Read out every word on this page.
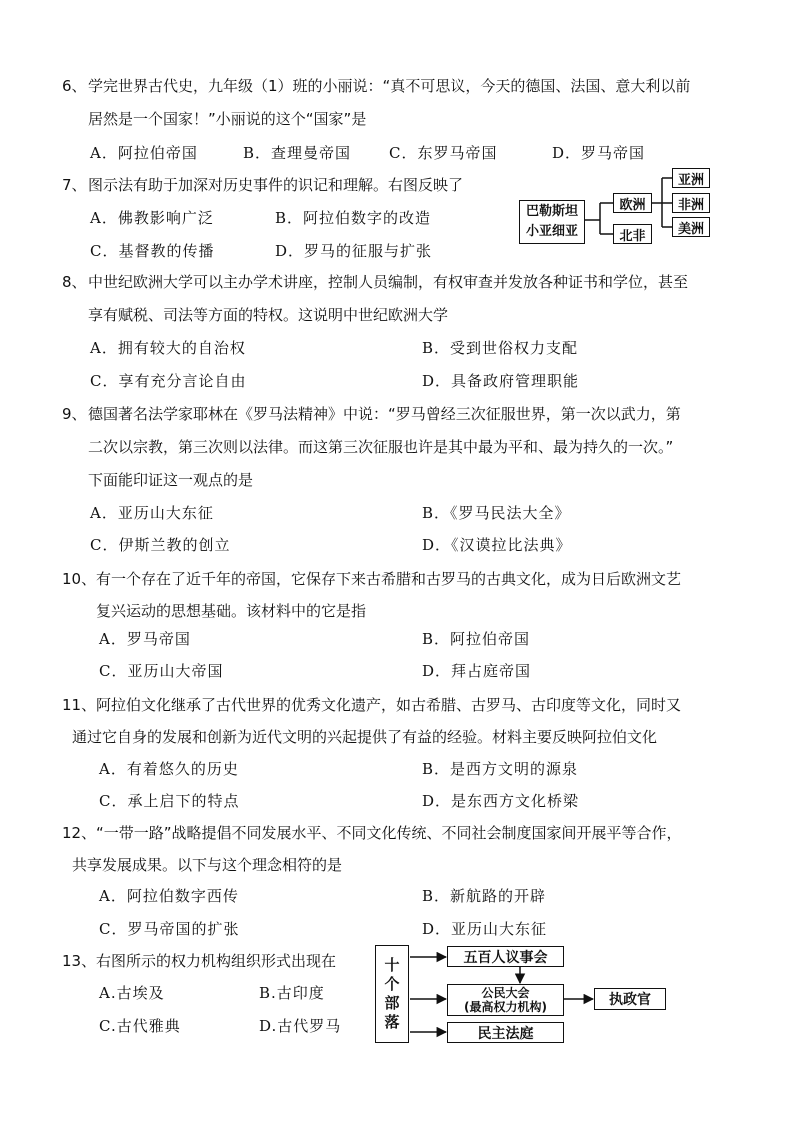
6、 学完世界古代史，九年级（1）班的小丽说：“真不可思议，今天的德国、法国、意大利以前
居然是一个国家！”小丽说的这个“国家”是
A．阿拉伯帝国	B．查理曼帝国	C．东罗马帝国	D．罗马帝国
7、 图示法有助于加深对历史事件的识记和理解。右图反映了
A．佛教影响广泛	B．阿拉伯数字的改造
C．基督教的传播	D．罗马的征服与扩张
巴勒斯坦
小亚细亚
欧洲
北非
亚洲
非洲
美洲
8、 中世纪欧洲大学可以主办学术讲座，控制人员编制，有权审查并发放各种证书和学位，甚至
享有赋税、司法等方面的特权。这说明中世纪欧洲大学
A．拥有较大的自治权	B．受到世俗权力支配
C．享有充分言论自由	D．具备政府管理职能
9、 德国著名法学家耶林在《罗马法精神》中说：“罗马曾经三次征服世界，第一次以武力，第
二次以宗教，第三次则以法律。而这第三次征服也许是其中最为平和、最为持久的一次。”
下面能印证这一观点的是
A．亚历山大东征	B．《罗马民法大全》
C．伊斯兰教的创立	D．《汉谟拉比法典》
10、 有一个存在了近千年的帝国，它保存下来古希腊和古罗马的古典文化，成为日后欧洲文艺
复兴运动的思想基础。该材料中的它是指
A．罗马帝国	B．阿拉伯帝国
C．亚历山大帝国	D．拜占庭帝国
11、 阿拉伯文化继承了古代世界的优秀文化遗产，如古希腊、古罗马、古印度等文化，同时又
通过它自身的发展和创新为近代文明的兴起提供了有益的经验。材料主要反映阿拉伯文化
A．有着悠久的历史	B．是西方文明的源泉
C．承上启下的特点	D．是东西方文化桥梁
12、 “一带一路”战略提倡不同发展水平、不同文化传统、不同社会制度国家间开展平等合作，
共享发展成果。以下与这个理念相符的是
A．阿拉伯数字西传	B．新航路的开辟
C．罗马帝国的扩张	D．亚历山大东征
13、 右图所示的权力机构组织形式出现在
A.古埃及	B.古印度
C.古代雅典	D.古代罗马
十
个
部
落
五百人议事会
公民大会
(最高权力机构)
民主法庭
执政官
